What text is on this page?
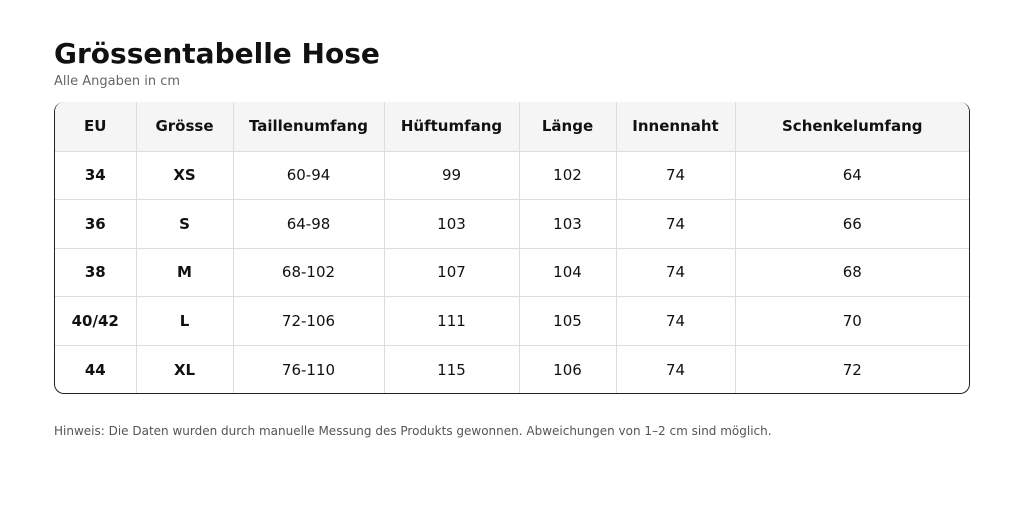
Grössentabelle Hose

Alle Angaben in cm

EU	Grösse	Taillenumfang	Hüftumfang	Länge	Innennaht	Schenkelumfang
34	XS	60-94	99	102	74	64
36	S	64-98	103	103	74	66
38	M	68-102	107	104	74	68
40/42	L	72-106	111	105	74	70
44	XL	76-110	115	106	74	72

Hinweis: Die Daten wurden durch manuelle Messung des Produkts gewonnen. Abweichungen von 1–2 cm sind möglich.
